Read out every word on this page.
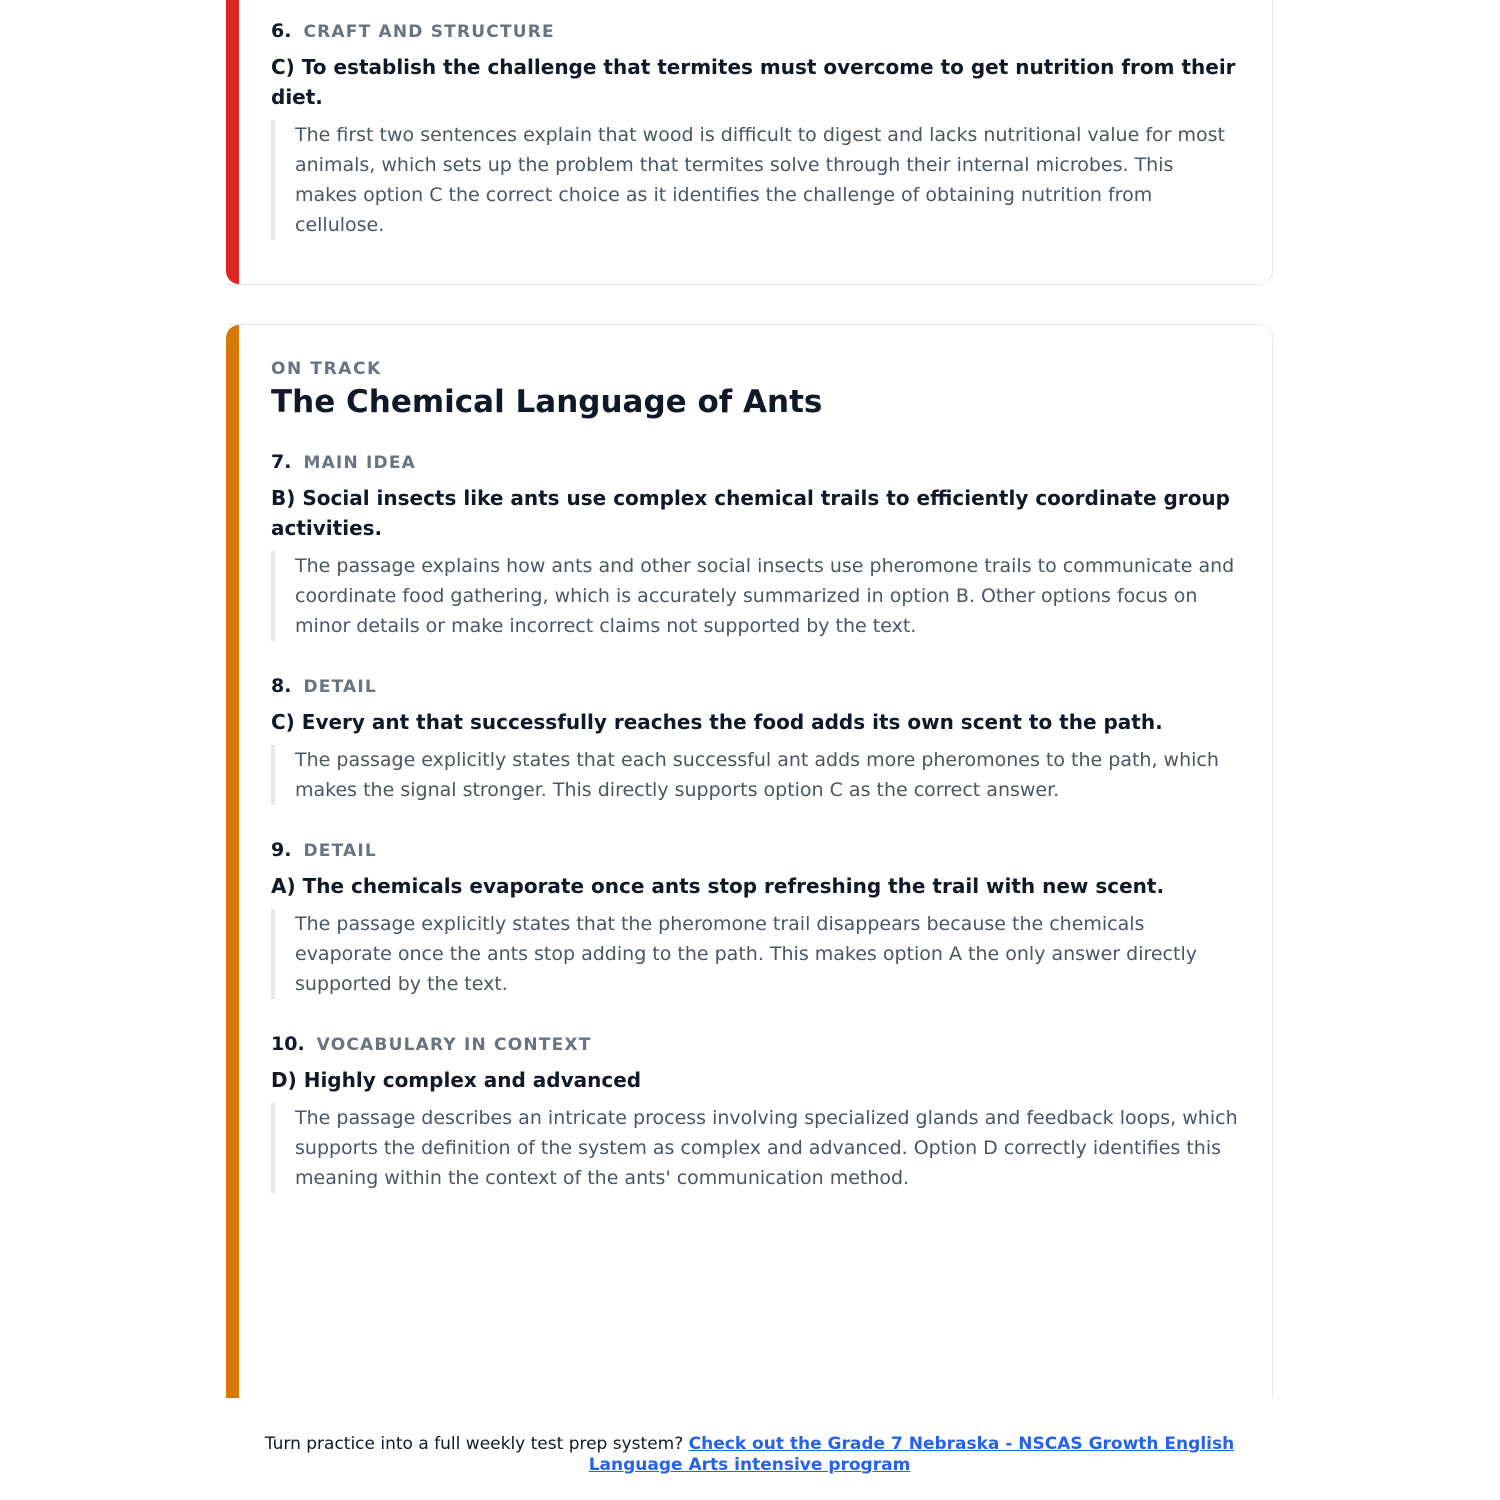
6. CRAFT AND STRUCTURE
C) To establish the challenge that termites must overcome to get nutrition from their diet.

The first two sentences explain that wood is difficult to digest and lacks nutritional value for most animals, which sets up the problem that termites solve through their internal microbes. This makes option C the correct choice as it identifies the challenge of obtaining nutrition from cellulose.

ON TRACK
The Chemical Language of Ants
7. MAIN IDEA
B) Social insects like ants use complex chemical trails to efficiently coordinate group activities.

The passage explains how ants and other social insects use pheromone trails to communicate and coordinate food gathering, which is accurately summarized in option B. Other options focus on minor details or make incorrect claims not supported by the text.

8. DETAIL
C) Every ant that successfully reaches the food adds its own scent to the path.

The passage explicitly states that each successful ant adds more pheromones to the path, which makes the signal stronger. This directly supports option C as the correct answer.

9. DETAIL
A) The chemicals evaporate once ants stop refreshing the trail with new scent.

The passage explicitly states that the pheromone trail disappears because the chemicals evaporate once the ants stop adding to the path. This makes option A the only answer directly supported by the text.

10. VOCABULARY IN CONTEXT
D) Highly complex and advanced

The passage describes an intricate process involving specialized glands and feedback loops, which supports the definition of the system as complex and advanced. Option D correctly identifies this meaning within the context of the ants' communication method.

Turn practice into a full weekly test prep system? Check out the Grade 7 Nebraska - NSCAS Growth English Language Arts intensive program
